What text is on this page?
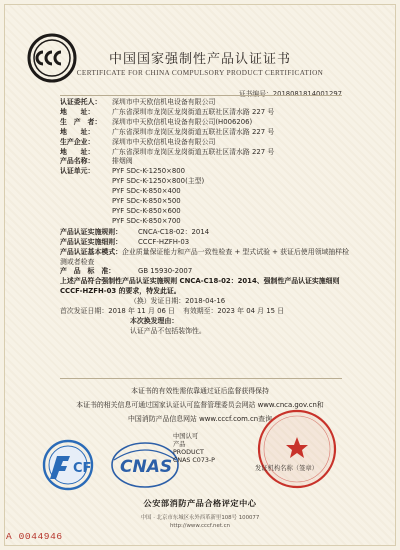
中国国家强制性产品认证证书
CERTIFICATE FOR CHINA COMPULSORY PRODUCT CERTIFICATION
证书编号：2018081814001297
认证委托人：	深圳市中天欧信机电设备有限公司
地　　址：	广东省深圳市龙岗区龙岗街道五联社区清水路 227 号
生　产　者：	深圳市中天欧信机电设备有限公司(H006206)
地　　址：	广东省深圳市龙岗区龙岗街道五联社区清水路 227 号
生产企业：	深圳市中天欧信机电设备有限公司
地　　址：	广东省深圳市龙岗区龙岗街道五联社区清水路 227 号
产品名称：	排烟阀
认证单元：	PYF SDc-K-1250×800
PYF SDc-K-1250×800(主型)
PYF SDc-K-850×400
PYF SDc-K-850×500
PYF SDc-K-850×600
PYF SDc-K-850×700
产品认证实施规则：	CNCA-C18-02：2014
产品认证实施细则：	CCCF-HZFH-03
产品认证基本模式：企业质量保证能力和产品一致性检查 + 型式试验 + 获证后使用领域抽样检测或者检查
产　品　标　准：	GB 15930-2007
上述产品符合强制性产品认证实施规则 CNCA-C18-02：2014、强制性产品认证实施细则 CCCF-HZFH-03 的要求，特发此证。
（换）发证日期： 2018-04-16
首次发证日期： 2018 年 11 月 06 日 有效期至： 2023 年 04 月 15 日
本次换发理由：
认证产品不包括装饰性。
本证书的有效性需依靠通过证后监督获得保持
本证书的相关信息可通过国家认证认可监督管理委员会网站 www.cnca.gov.cn和
中国消防产品信息网站 www.cccf.com.cn查询
CF CNAS
中国认可
产品
PRODUCT
CNAS C073-P
发证机构名称（签章）
公安部消防产品合格评定中心
中国 · 北京市东城区永外西革新里108号 100077
http://www.cccf.net.cn
A 0044946
